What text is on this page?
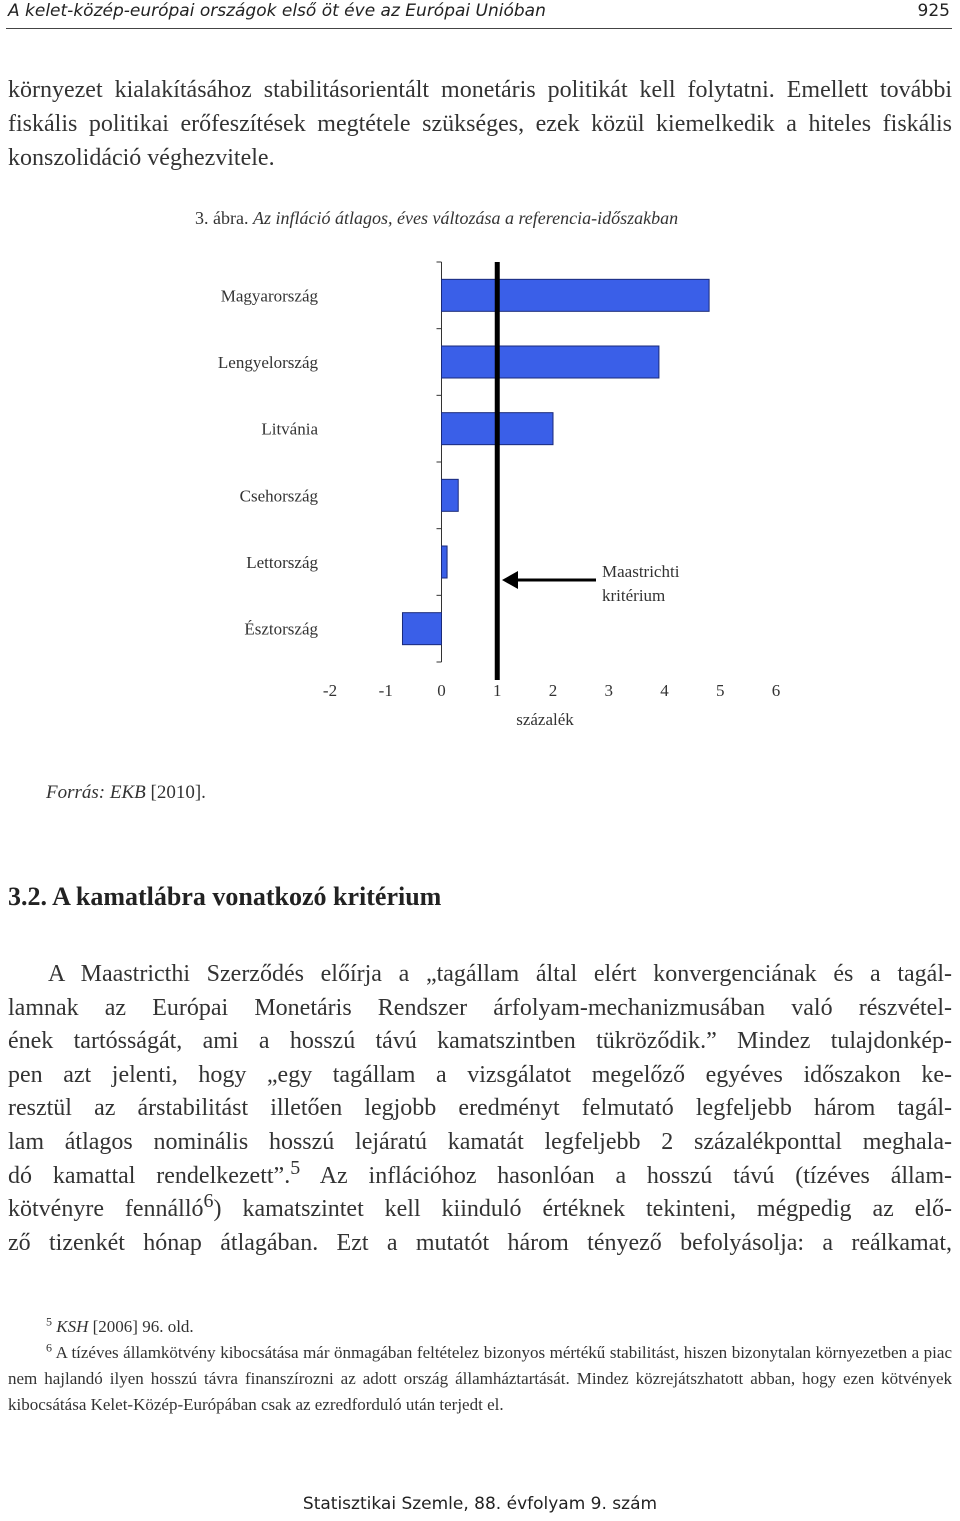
A kelet-közép-európai országok első öt éve az Európai Unióban	925

környezet kialakításához stabilitásorientált monetáris politikát kell folytatni. Emellett további fiskális politikai erőfeszítések megtétele szükséges, ezek közül kiemelkedik a hiteles fiskális konszolidáció véghezvitele.

3. ábra. Az infláció átlagos, éves változása a referencia-időszakban
Magyarország
Lengyelország
Litvánia
Csehország
Lettország
Észtország
-2 -1	0	1	2	3	4	5	6
százalék
Maastrichti
kritérium
Forrás: EKB [2010].
3.2. A kamatlábra vonatkozó kritérium
A Maastricthi Szerződés előírja a „tagállam által elért konvergenciának és a tagál-
lamnak az Európai Monetáris Rendszer árfolyam-mechanizmusában való részvétel-
ének tartósságát, ami a hosszú távú kamatszintben tükröződik.” Mindez tulajdonkép-
pen azt jelenti, hogy „egy tagállam a vizsgálatot megelőző egyéves időszakon ke-
resztül az árstabilitást illetően legjobb eredményt felmutató legfeljebb három tagál-
lam átlagos nominális hosszú lejáratú kamatát legfeljebb 2 százalékponttal meghala-
dó kamattal rendelkezett”.$^5$ Az inflációhoz hasonlóan a hosszú távú (tízéves állam-
kötvényre fennálló$^6$) kamatszintet kell kiinduló értéknek tekinteni, mégpedig az elő-
ző tizenkét hónap átlagában. Ezt a mutatót három tényező befolyásolja: a reálkamat,
$^5$ KSH [2006] 96. old.
$^6$ A tízéves államkötvény kibocsátása már önmagában feltételez bizonyos mértékű stabilitást, hiszen bizonytalan környezetben a piac nem hajlandó ilyen hosszú távra finanszírozni az adott ország államháztartását. Mindez közrejátszhatott abban, hogy ezen kötvények kibocsátása Kelet-Közép-Európában csak az ezredforduló után terjedt el.
Statisztikai Szemle, 88. évfolyam 9. szám
